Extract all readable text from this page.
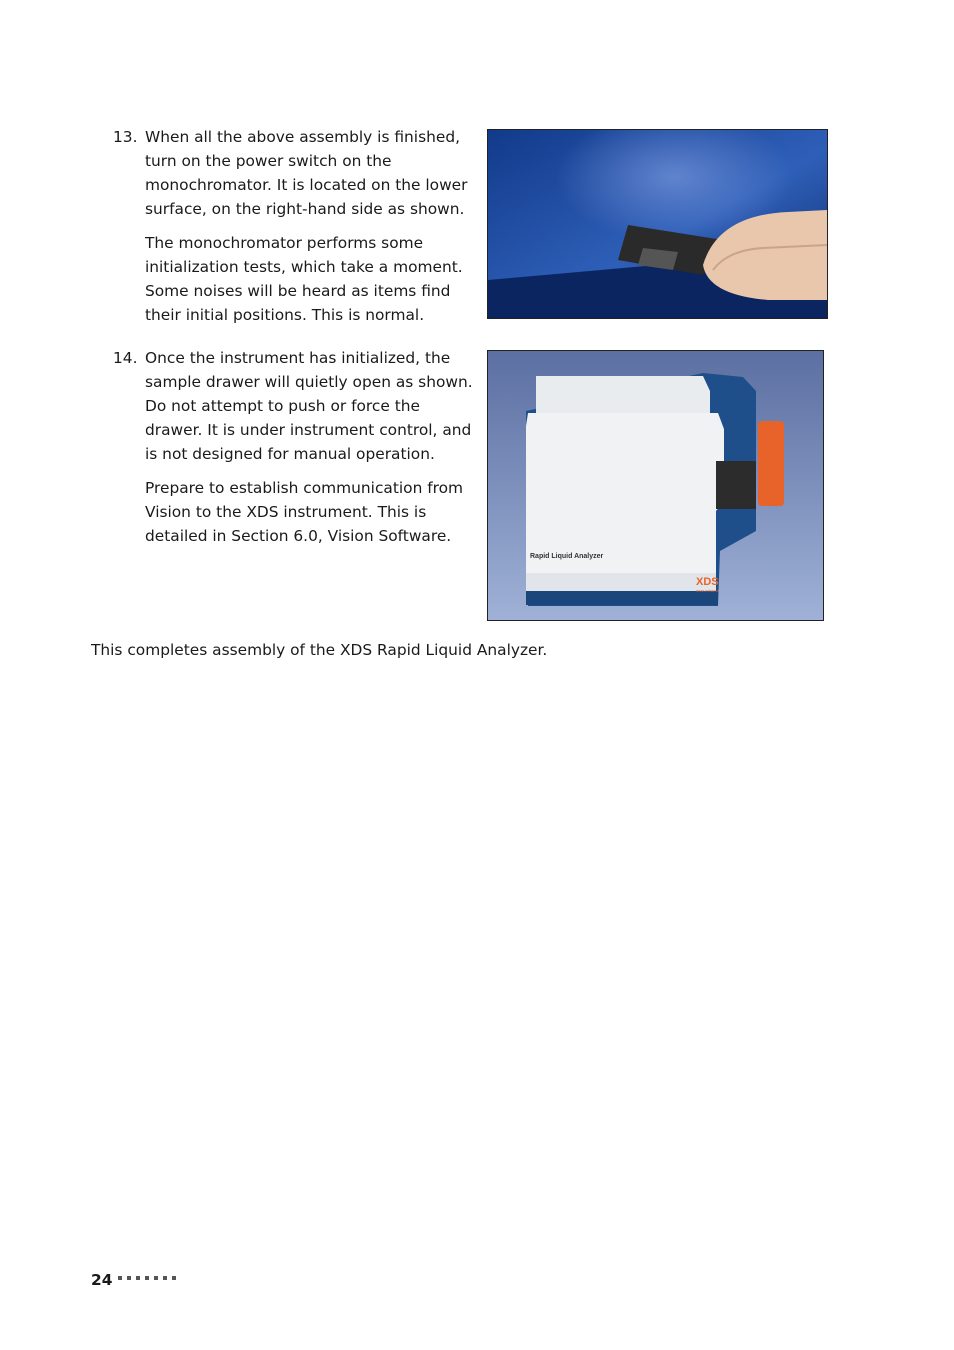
13. When all the above assembly is finished, turn on the power switch on the monochromator. It is located on the lower surface, on the right-hand side as shown.

The monochromator performs some initialization tests, which take a moment. Some noises will be heard as items find their initial positions. This is normal.

14. Once the instrument has initialized, the sample drawer will quietly open as shown. Do not attempt to push or force the drawer. It is under instrument control, and is not designed for manual operation.

Prepare to establish communication from Vision to the XDS instrument. This is detailed in Section 6.0, Vision Software.

Rapid Liquid Analyzer
XDS
near-infrared

This completes assembly of the XDS Rapid Liquid Analyzer.

24
